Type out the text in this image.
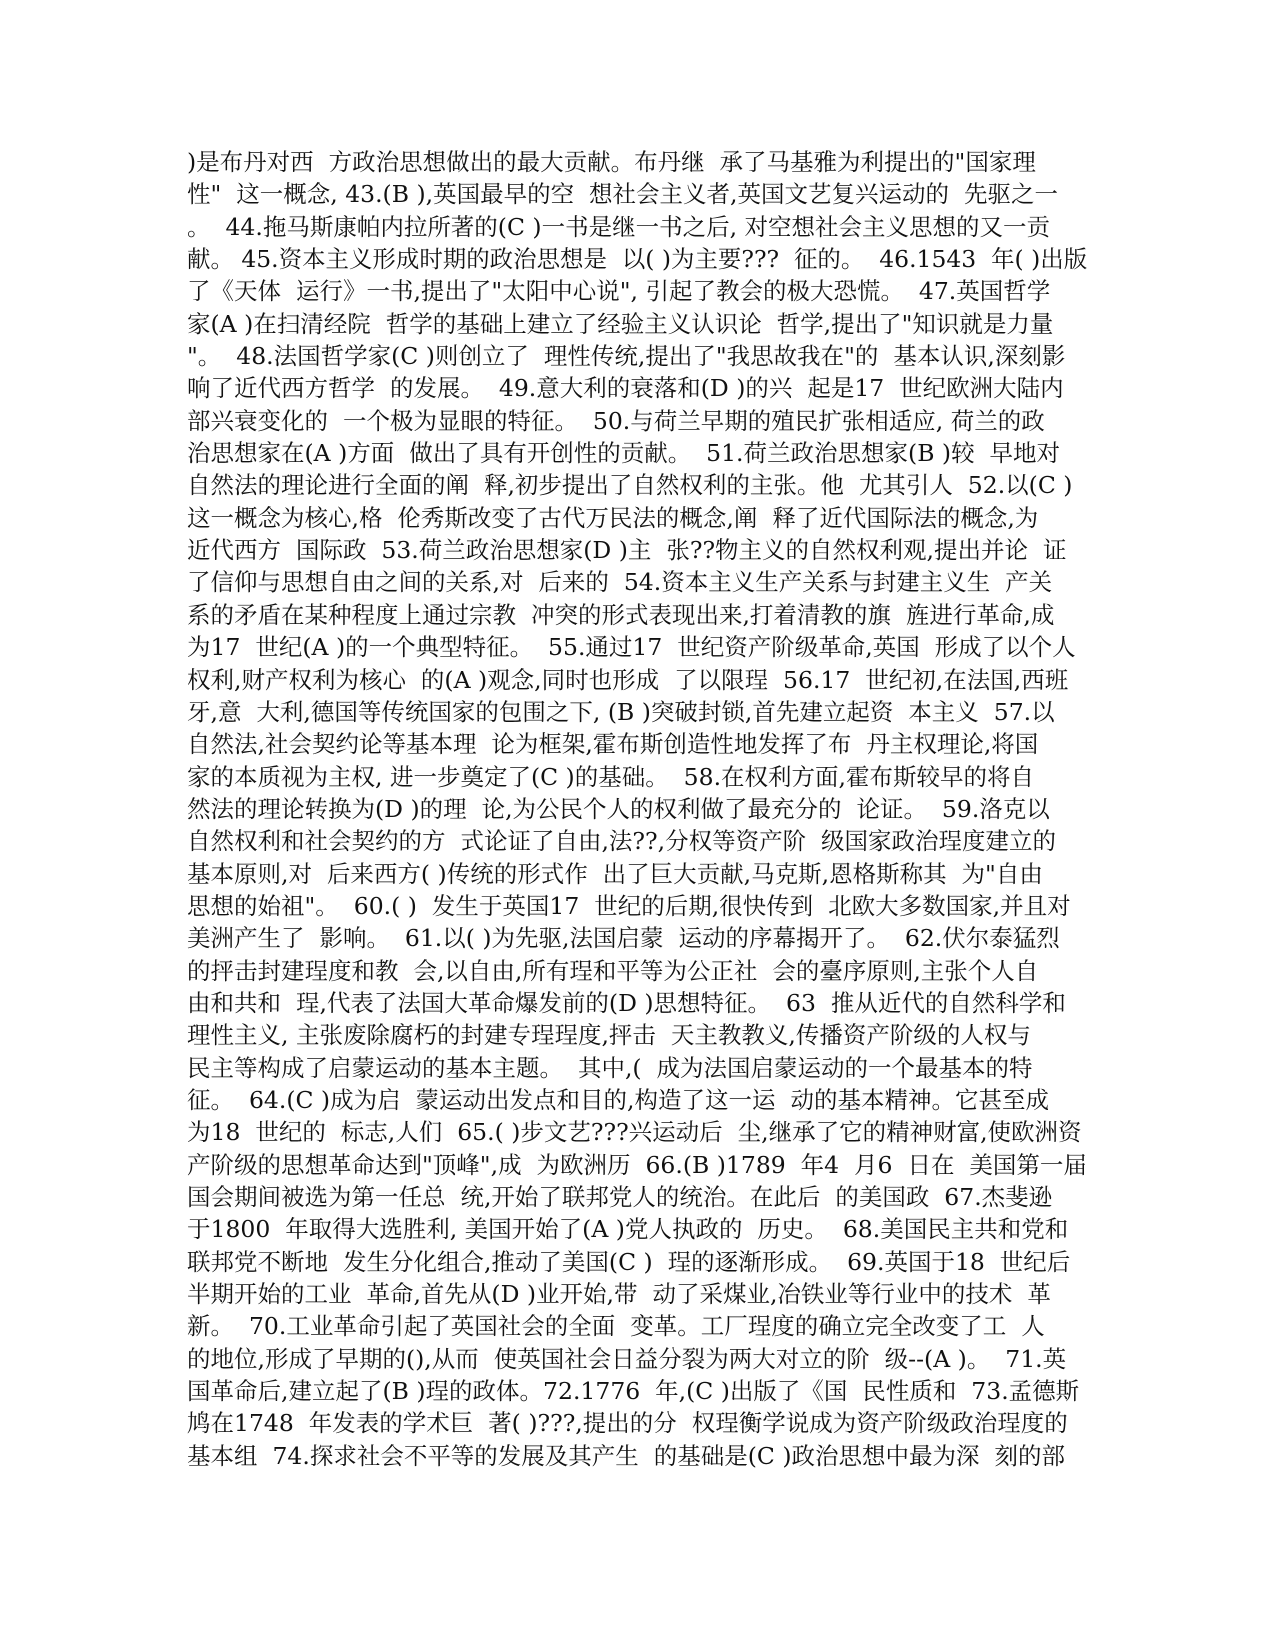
)是布丹对西  方政治思想做出的最大贡献。布丹继  承了马基雅为利提出的"国家理
性"  这一概念, 43.(B ),英国最早的空  想社会主义者,英国文艺复兴运动的  先驱之一
。  44.拖马斯康帕内拉所著的(C )一书是继一书之后, 对空想社会主义思想的又一贡
献。 45.资本主义形成时期的政治思想是  以( )为主要???  征的。  46.1543  年( )出版
了《天体  运行》一书,提出了"太阳中心说", 引起了教会的极大恐慌。  47.英国哲学
家(A )在扫清经院  哲学的基础上建立了经验主义认识论  哲学,提出了"知识就是力量
"。  48.法国哲学家(C )则创立了  理性传统,提出了"我思故我在"的  基本认识,深刻影
响了近代西方哲学  的发展。  49.意大利的衰落和(D )的兴  起是17  世纪欧洲大陆内
部兴衰变化的  一个极为显眼的特征。  50.与荷兰早期的殖民扩张相适应, 荷兰的政
治思想家在(A )方面  做出了具有开创性的贡献。  51.荷兰政治思想家(B )较  早地对
自然法的理论进行全面的阐  释,初步提出了自然权利的主张。他  尤其引人  52.以(C )
这一概念为核心,格  伦秀斯改变了古代万民法的概念,阐  释了近代国际法的概念,为
近代西方  国际政  53.荷兰政治思想家(D )主  张??物主义的自然权利观,提出并论  证
了信仰与思想自由之间的关系,对  后来的  54.资本主义生产关系与封建主义生  产关
系的矛盾在某种程度上通过宗教  冲突的形式表现出来,打着清教的旗  旌进行革命,成
为17  世纪(A )的一个典型特征。  55.通过17  世纪资产阶级革命,英国  形成了以个人
权利,财产权利为核心  的(A )观念,同时也形成  了以限珵  56.17  世纪初,在法国,西班
牙,意  大利,德国等传统国家的包围之下, (B )突破封锁,首先建立起资  本主义  57.以
自然法,社会契约论等基本理  论为框架,霍布斯创造性地发挥了布  丹主权理论,将国
家的本质视为主权, 进一步奠定了(C )的基础。  58.在权利方面,霍布斯较早的将自
然法的理论转换为(D )的理  论,为公民个人的权利做了最充分的  论证。  59.洛克以
自然权利和社会契约的方  式论证了自由,法??,分权等资产阶  级国家政治珵度建立的
基本原则,对  后来西方( )传统的形式作  出了巨大贡献,马克斯,恩格斯称其  为"自由
思想的始祖"。  60.( )  发生于英国17  世纪的后期,很快传到  北欧大多数国家,并且对
美洲产生了  影响。  61.以( )为先驱,法国启蒙  运动的序幕揭开了。  62.伏尔泰猛烈
的抨击封建珵度和教  会,以自由,所有珵和平等为公正社  会的臺序原则,主张个人自
由和共和  珵,代表了法国大革命爆发前的(D )思想特征。  63  推从近代的自然科学和
理性主义, 主张废除腐朽的封建专珵珵度,抨击  天主教教义,传播资产阶级的人权与
民主等构成了启蒙运动的基本主题。  其中,(  成为法国启蒙运动的一个最基本的特
征。  64.(C )成为启  蒙运动出发点和目的,构造了这一运  动的基本精神。它甚至成
为18  世纪的  标志,人们  65.( )步文艺???兴运动后  尘,继承了它的精神财富,使欧洲资
产阶级的思想革命达到"顶峰",成  为欧洲历  66.(B )1789  年4  月6  日在  美国第一届
国会期间被选为第一任总  统,开始了联邦党人的统治。在此后  的美国政  67.杰斐逊
于1800  年取得大选胜利, 美国开始了(A )党人执政的  历史。  68.美国民主共和党和
联邦党不断地  发生分化组合,推动了美国(C )  珵的逐渐形成。  69.英国于18  世纪后
半期开始的工业  革命,首先从(D )业开始,带  动了采煤业,冶铁业等行业中的技术  革
新。  70.工业革命引起了英国社会的全面  变革。工厂珵度的确立完全改变了工  人
的地位,形成了早期的(),从而  使英国社会日益分裂为两大对立的阶  级--(A )。  71.英
国革命后,建立起了(B )珵的政体。72.1776  年,(C )出版了《国  民性质和  73.孟德斯
鸠在1748  年发表的学术巨  著( )???,提出的分  权珵衡学说成为资产阶级政治珵度的
基本组  74.探求社会不平等的发展及其产生  的基础是(C )政治思想中最为深  刻的部
